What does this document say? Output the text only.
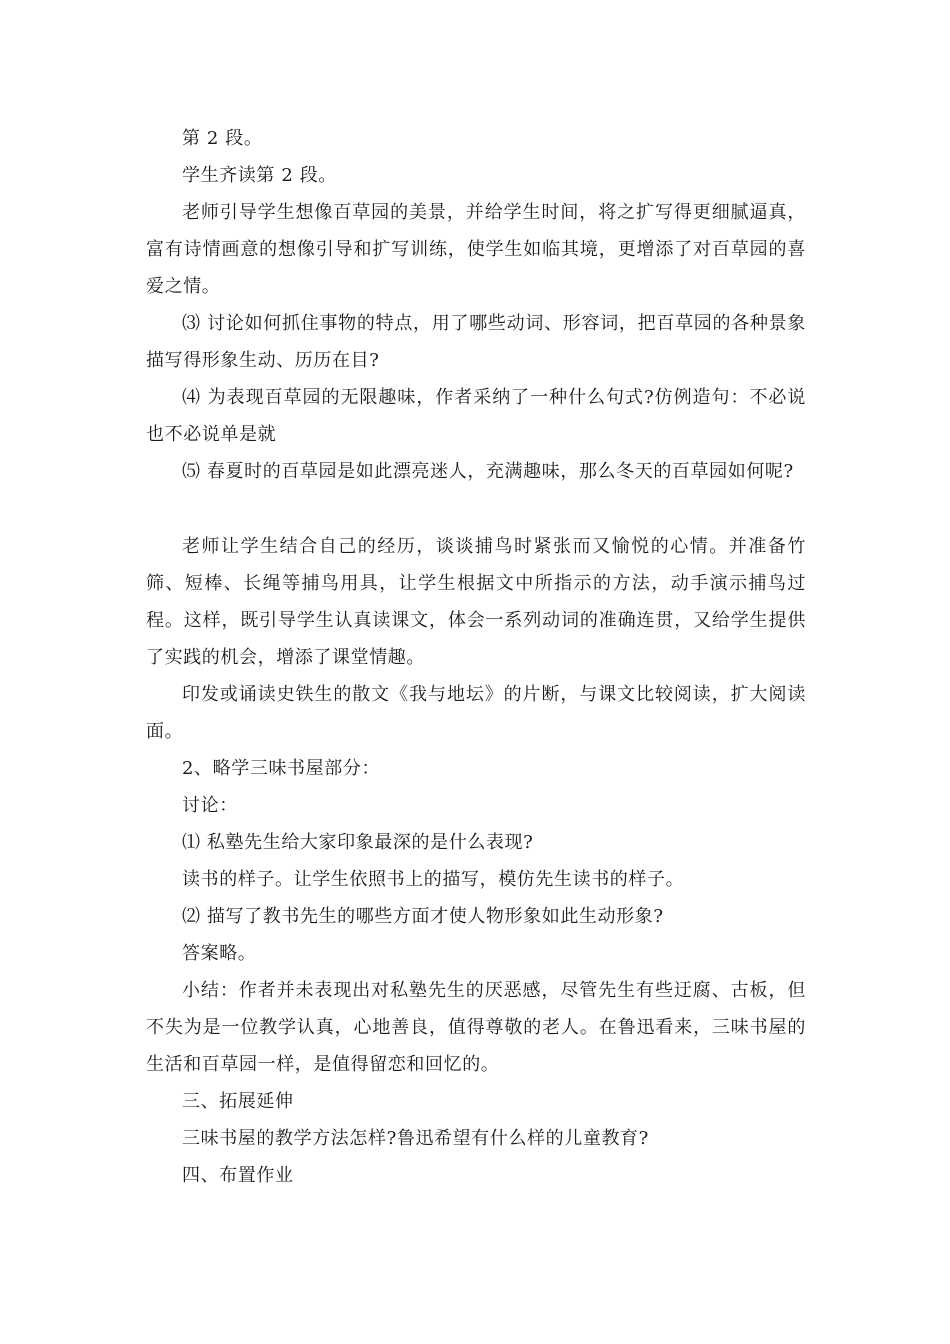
第 2 段。

学生齐读第 2 段。

老师引导学生想像百草园的美景，并给学生时间，将之扩写得更细腻逼真，富有诗情画意的想像引导和扩写训练，使学生如临其境，更增添了对百草园的喜爱之情。

⑶ 讨论如何抓住事物的特点，用了哪些动词、形容词，把百草园的各种景象描写得形象生动、历历在目?

⑷ 为表现百草园的无限趣味，作者采纳了一种什么句式?仿例造句：不必说也不必说单是就

⑸ 春夏时的百草园是如此漂亮迷人，充满趣味，那么冬天的百草园如何呢?

老师让学生结合自己的经历，谈谈捕鸟时紧张而又愉悦的心情。并准备竹筛、短棒、长绳等捕鸟用具，让学生根据文中所指示的方法，动手演示捕鸟过程。这样，既引导学生认真读课文，体会一系列动词的准确连贯，又给学生提供了实践的机会，增添了课堂情趣。

印发或诵读史铁生的散文《我与地坛》的片断，与课文比较阅读，扩大阅读面。

2、略学三味书屋部分：

讨论：

⑴ 私塾先生给大家印象最深的是什么表现?

读书的样子。让学生依照书上的描写，模仿先生读书的样子。

⑵ 描写了教书先生的哪些方面才使人物形象如此生动形象?

答案略。

小结：作者并未表现出对私塾先生的厌恶感，尽管先生有些迂腐、古板，但不失为是一位教学认真，心地善良，值得尊敬的老人。在鲁迅看来，三味书屋的生活和百草园一样，是值得留恋和回忆的。

三、拓展延伸

三味书屋的教学方法怎样?鲁迅希望有什么样的儿童教育?

四、布置作业
